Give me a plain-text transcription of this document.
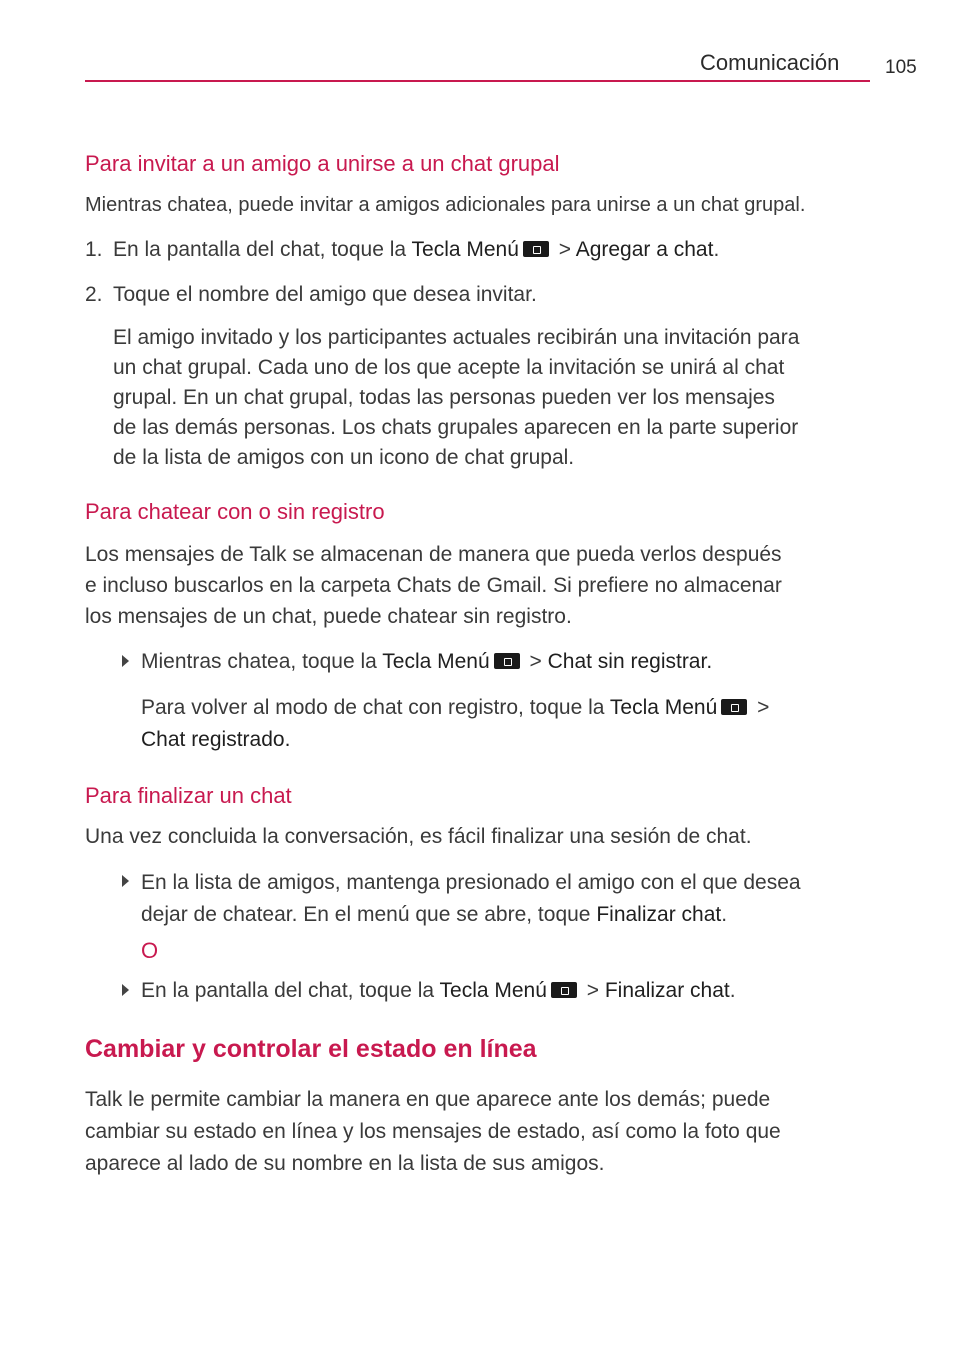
Comunicación 105
Para invitar a un amigo a unirse a un chat grupal
Mientras chatea, puede invitar a amigos adicionales para unirse a un chat grupal.
1. En la pantalla del chat, toque la Tecla Menú > Agregar a chat.
2. Toque el nombre del amigo que desea invitar.
El amigo invitado y los participantes actuales recibirán una invitación para
un chat grupal. Cada uno de los que acepte la invitación se unirá al chat
grupal. En un chat grupal, todas las personas pueden ver los mensajes
de las demás personas. Los chats grupales aparecen en la parte superior
de la lista de amigos con un icono de chat grupal.
Para chatear con o sin registro
Los mensajes de Talk se almacenan de manera que pueda verlos después
e incluso buscarlos en la carpeta Chats de Gmail. Si prefiere no almacenar
los mensajes de un chat, puede chatear sin registro.
Mientras chatea, toque la Tecla Menú > Chat sin registrar.
Para volver al modo de chat con registro, toque la Tecla Menú >
Chat registrado.
Para finalizar un chat
Una vez concluida la conversación, es fácil finalizar una sesión de chat.
En la lista de amigos, mantenga presionado el amigo con el que desea
dejar de chatear. En el menú que se abre, toque Finalizar chat.
O
En la pantalla del chat, toque la Tecla Menú > Finalizar chat.
Cambiar y controlar el estado en línea
Talk le permite cambiar la manera en que aparece ante los demás; puede
cambiar su estado en línea y los mensajes de estado, así como la foto que
aparece al lado de su nombre en la lista de sus amigos.
